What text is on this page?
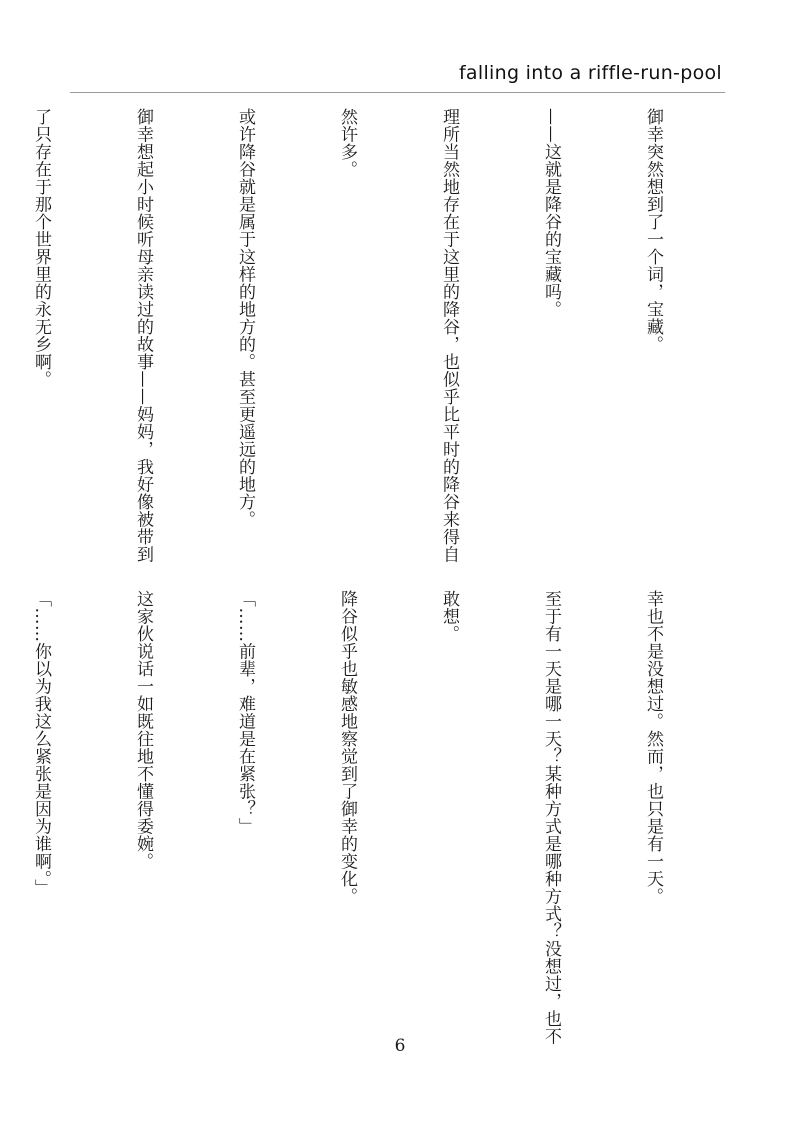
falling into a riffle-run-pool

御幸突然想到了一个词，宝藏。

——这就是降谷的宝藏吗。

理所当然地存在于这里的降谷，也似乎比平时的降谷来得自

然许多。

或许降谷就是属于这样的地方的。甚至更遥远的地方。

御幸想起小时候听母亲读过的故事——妈妈，我好像被带到

了只存在于那个世界里的永无乡啊。

幸也不是没想过。然而，也只是有一天。

至于有一天是哪一天？某种方式是哪种方式？没想过，也不

敢想。

降谷似乎也敏感地察觉到了御幸的变化。

「……前辈，难道是在紧张？」

这家伙说话一如既往地不懂得委婉。

「……你以为我这么紧张是因为谁啊。」

6
